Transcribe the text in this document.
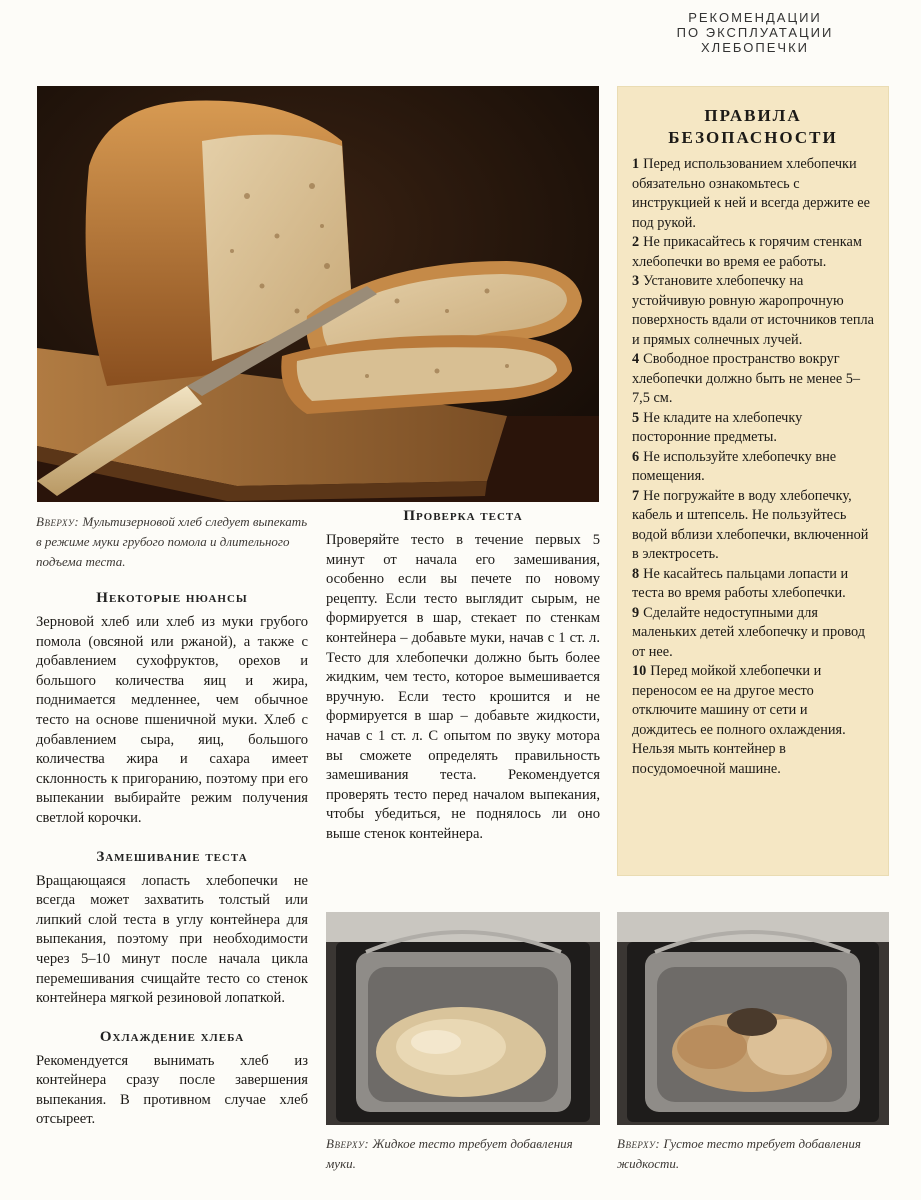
РЕКОМЕНДАЦИИ
ПО ЭКСПЛУАТАЦИИ
ХЛЕБОПЕЧКИ

Вверху: Мультизерновой хлеб следует выпекать в режиме муки грубого помола и длительного подъема теста.

Некоторые нюансы

Зерновой хлеб или хлеб из муки грубого помола (овсяной или ржаной), а также с добавлением сухофруктов, орехов и большого количества яиц и жира, поднимается медленнее, чем обычное тесто на основе пшеничной муки. Хлеб с добавлением сыра, яиц, большого количества жира и сахара имеет склонность к пригоранию, поэтому при его выпекании выбирайте режим получения светлой корочки.

Замешивание теста

Вращающаяся лопасть хлебопечки не всегда может захватить толстый или липкий слой теста в углу контейнера для выпекания, поэтому при необходимости через 5–10 минут после начала цикла перемешивания счищайте тесто со стенок контейнера мягкой резиновой лопаткой.

Охлаждение хлеба

Рекомендуется вынимать хлеб из контейнера сразу после завершения выпекания. В противном случае хлеб отсыреет.

Проверка теста

Проверяйте тесто в течение первых 5 минут от начала его замешивания, особенно если вы печете по новому рецепту. Если тесто выглядит сырым, не формируется в шар, стекает по стенкам контейнера – добавьте муки, начав с 1 ст. л. Тесто для хлебопечки должно быть более жидким, чем тесто, которое вымешивается вручную. Если тесто крошится и не формируется в шар – добавьте жидкости, начав с 1 ст. л. С опытом по звуку мотора вы сможете определять правильность замешивания теста. Рекомендуется проверять тесто перед началом выпекания, чтобы убедиться, не поднялось ли оно выше стенок контейнера.

ПРАВИЛА
БЕЗОПАСНОСТИ

1 Перед использованием хлебопечки обязательно ознакомьтесь с инструкцией к ней и всегда держите ее под рукой.

2 Не прикасайтесь к горячим стенкам хлебопечки во время ее работы.

3 Установите хлебопечку на устойчивую ровную жаропрочную поверхность вдали от источников тепла и прямых солнечных лучей.

4 Свободное пространство вокруг хлебопечки должно быть не менее 5–7,5 см.

5 Не кладите на хлебопечку посторонние предметы.

6 Не используйте хлебопечку вне помещения.

7 Не погружайте в воду хлебопечку, кабель и штепсель. Не пользуйтесь водой вблизи хлебопечки, включенной в электросеть.

8 Не касайтесь пальцами лопасти и теста во время работы хлебопечки.

9 Сделайте недоступными для маленьких детей хлебопечку и провод от нее.

10 Перед мойкой хлебопечки и переносом ее на другое место отключите машину от сети и дождитесь ее полного охлаждения. Нельзя мыть контейнер в посудомоечной машине.

Вверху: Жидкое тесто требует добавления муки.

Вверху: Густое тесто требует добавления жидкости.
